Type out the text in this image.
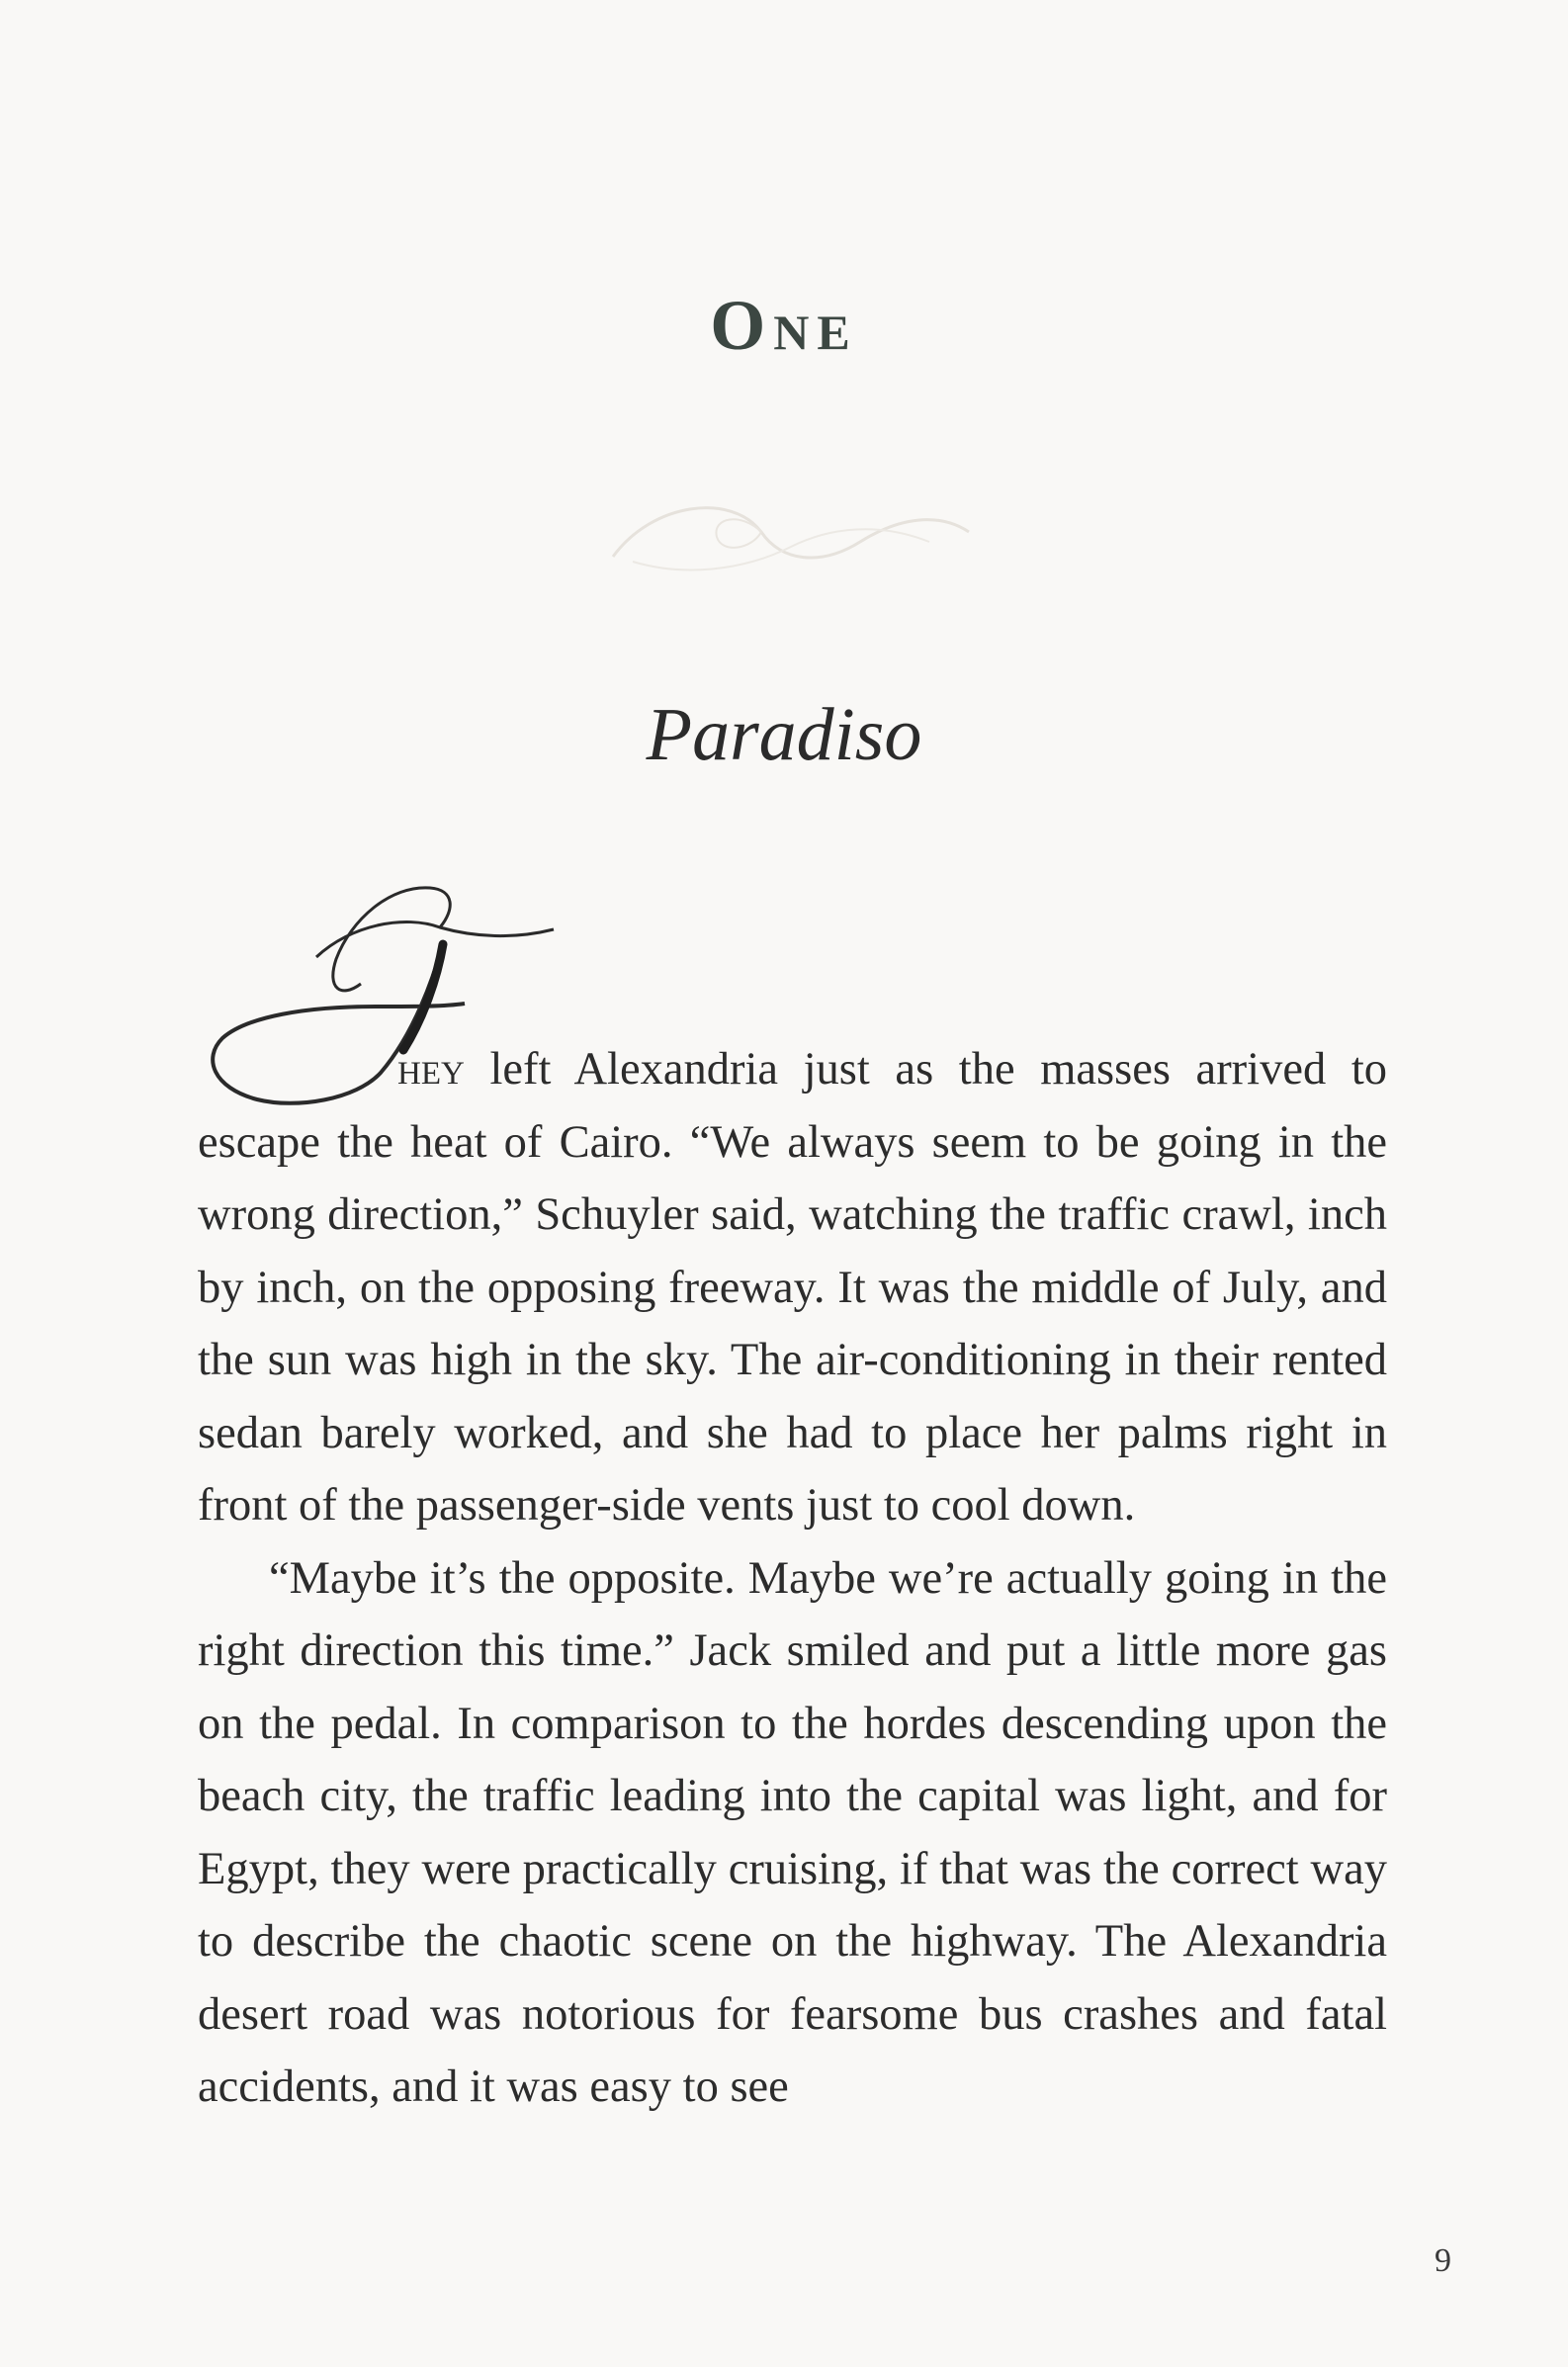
One
Paradiso

hey left Alexandria just as the masses arrived to escape the heat of Cairo. “We always seem to be going in the wrong direction,” Schuyler said, watching the traffic crawl, inch by inch, on the opposing freeway. It was the middle of July, and the sun was high in the sky. The air-conditioning in their rented sedan barely worked, and she had to place her palms right in front of the passenger-side vents just to cool down.

“Maybe it’s the opposite. Maybe we’re actually going in the right direction this time.” Jack smiled and put a little more gas on the pedal. In comparison to the hordes descending upon the beach city, the traffic leading into the capital was light, and for Egypt, they were practically cruising, if that was the correct way to describe the chaotic scene on the highway. The Alexandria desert road was notorious for fearsome bus crashes and fatal accidents, and it was easy to see

9
